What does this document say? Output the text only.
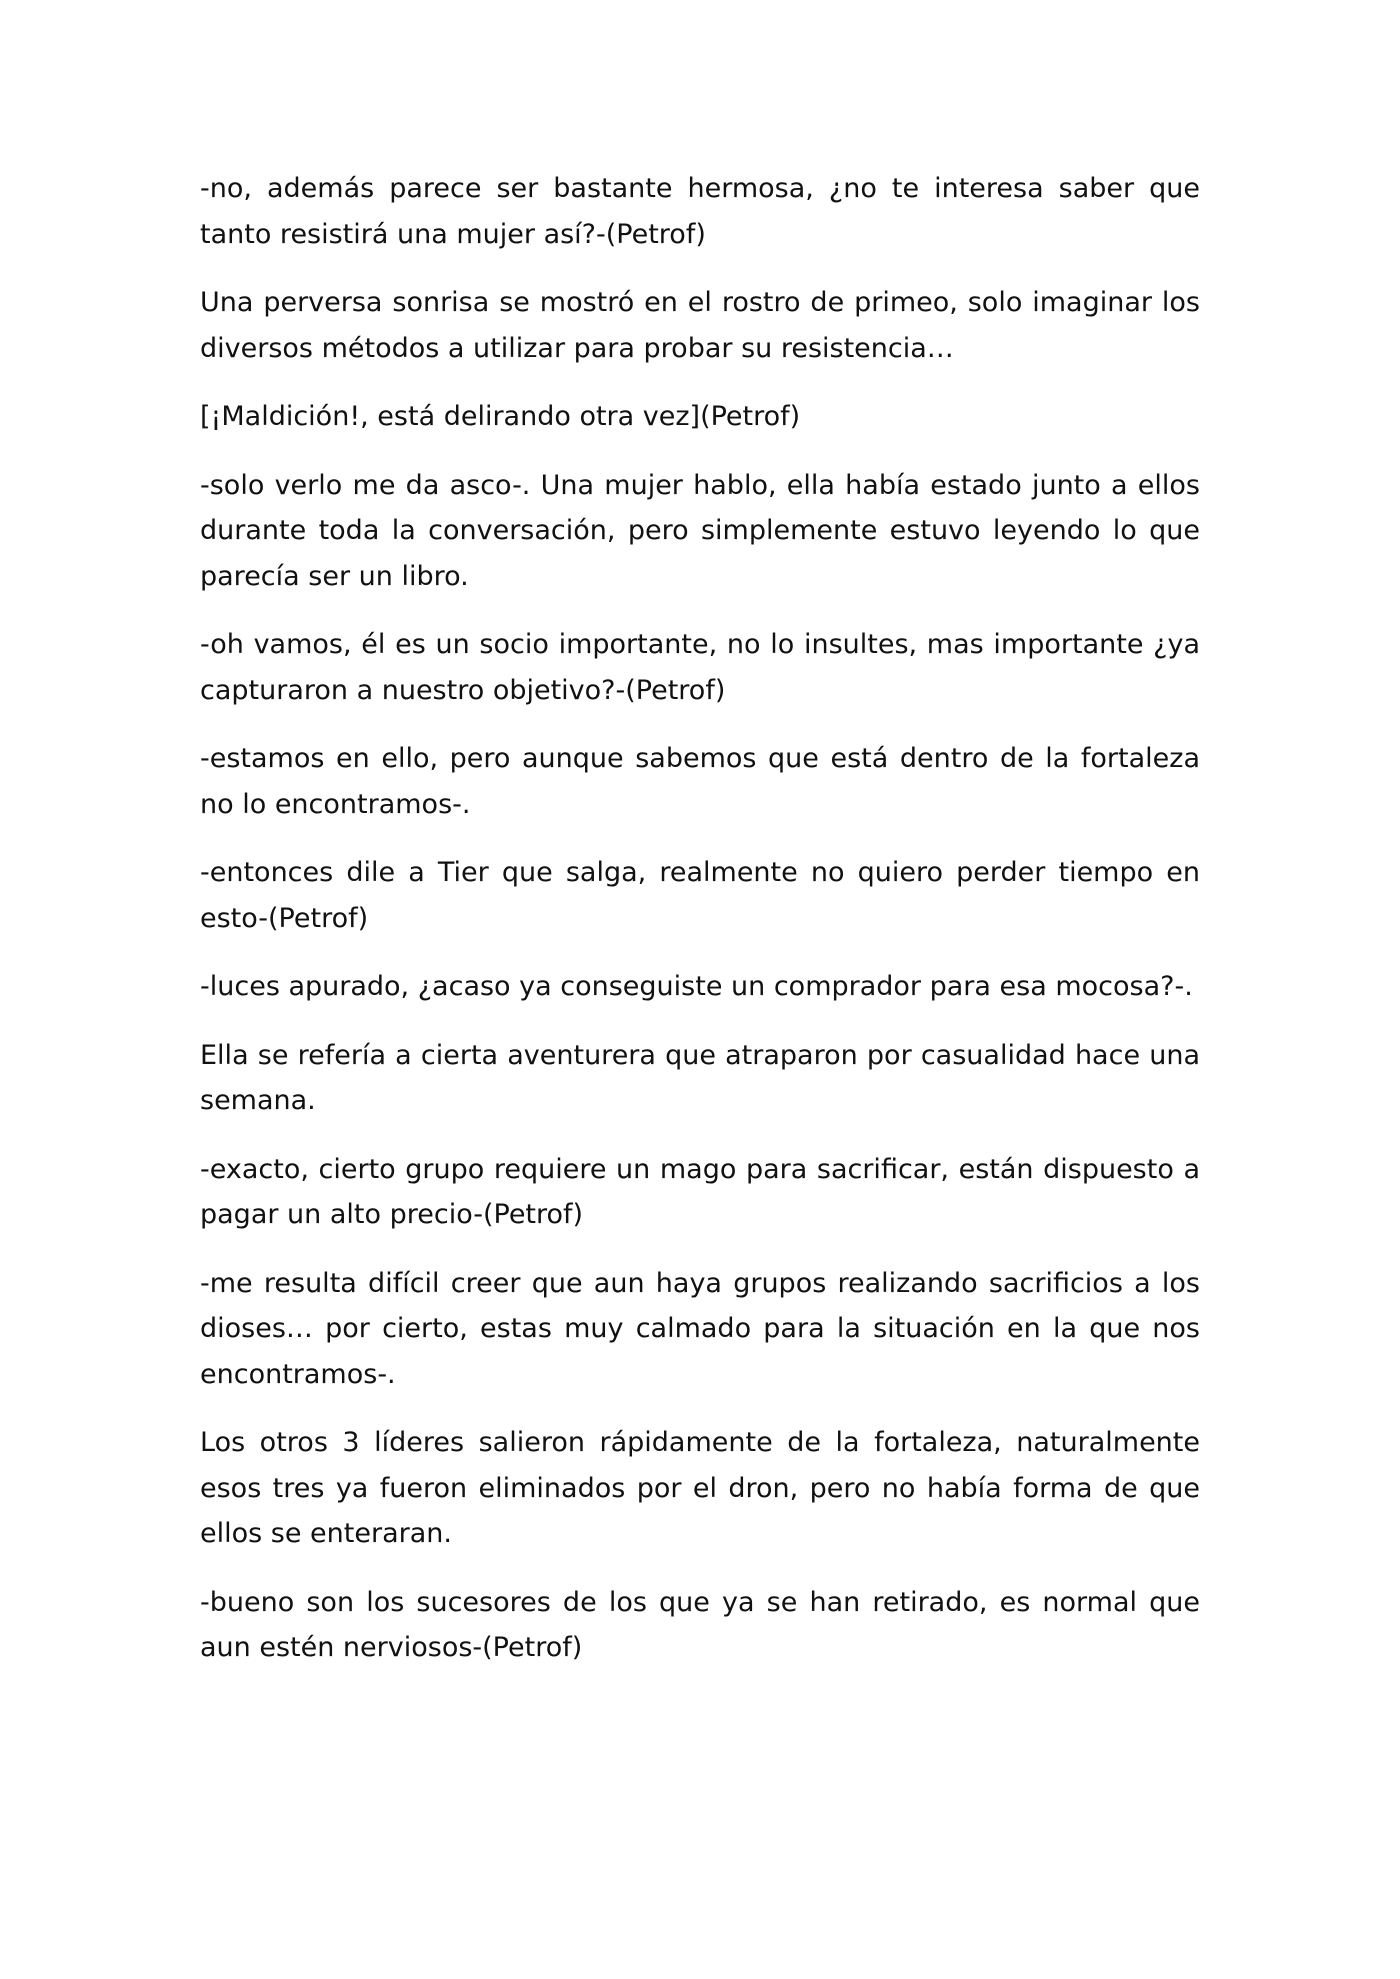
-no, además parece ser bastante hermosa, ¿no te interesa saber que tanto resistirá una mujer así?-(Petrof)

Una perversa sonrisa se mostró en el rostro de primeo, solo imaginar los diversos métodos a utilizar para probar su resistencia…

[¡Maldición!, está delirando otra vez](Petrof)

-solo verlo me da asco-. Una mujer hablo, ella había estado junto a ellos durante toda la conversación, pero simplemente estuvo leyendo lo que parecía ser un libro.

-oh vamos, él es un socio importante, no lo insultes, mas importante ¿ya capturaron a nuestro objetivo?-(Petrof)

-estamos en ello, pero aunque sabemos que está dentro de la fortaleza no lo encontramos-.

-entonces dile a Tier que salga, realmente no quiero perder tiempo en esto-(Petrof)

-luces apurado, ¿acaso ya conseguiste un comprador para esa mocosa?-.

Ella se refería a cierta aventurera que atraparon por casualidad hace una semana.

-exacto, cierto grupo requiere un mago para sacrificar, están dispuesto a pagar un alto precio-(Petrof)

-me resulta difícil creer que aun haya grupos realizando sacrificios a los dioses… por cierto, estas muy calmado para la situación en la que nos encontramos-.

Los otros 3 líderes salieron rápidamente de la fortaleza, naturalmente esos tres ya fueron eliminados por el dron, pero no había forma de que ellos se enteraran.

-bueno son los sucesores de los que ya se han retirado, es normal que aun estén nerviosos-(Petrof)
